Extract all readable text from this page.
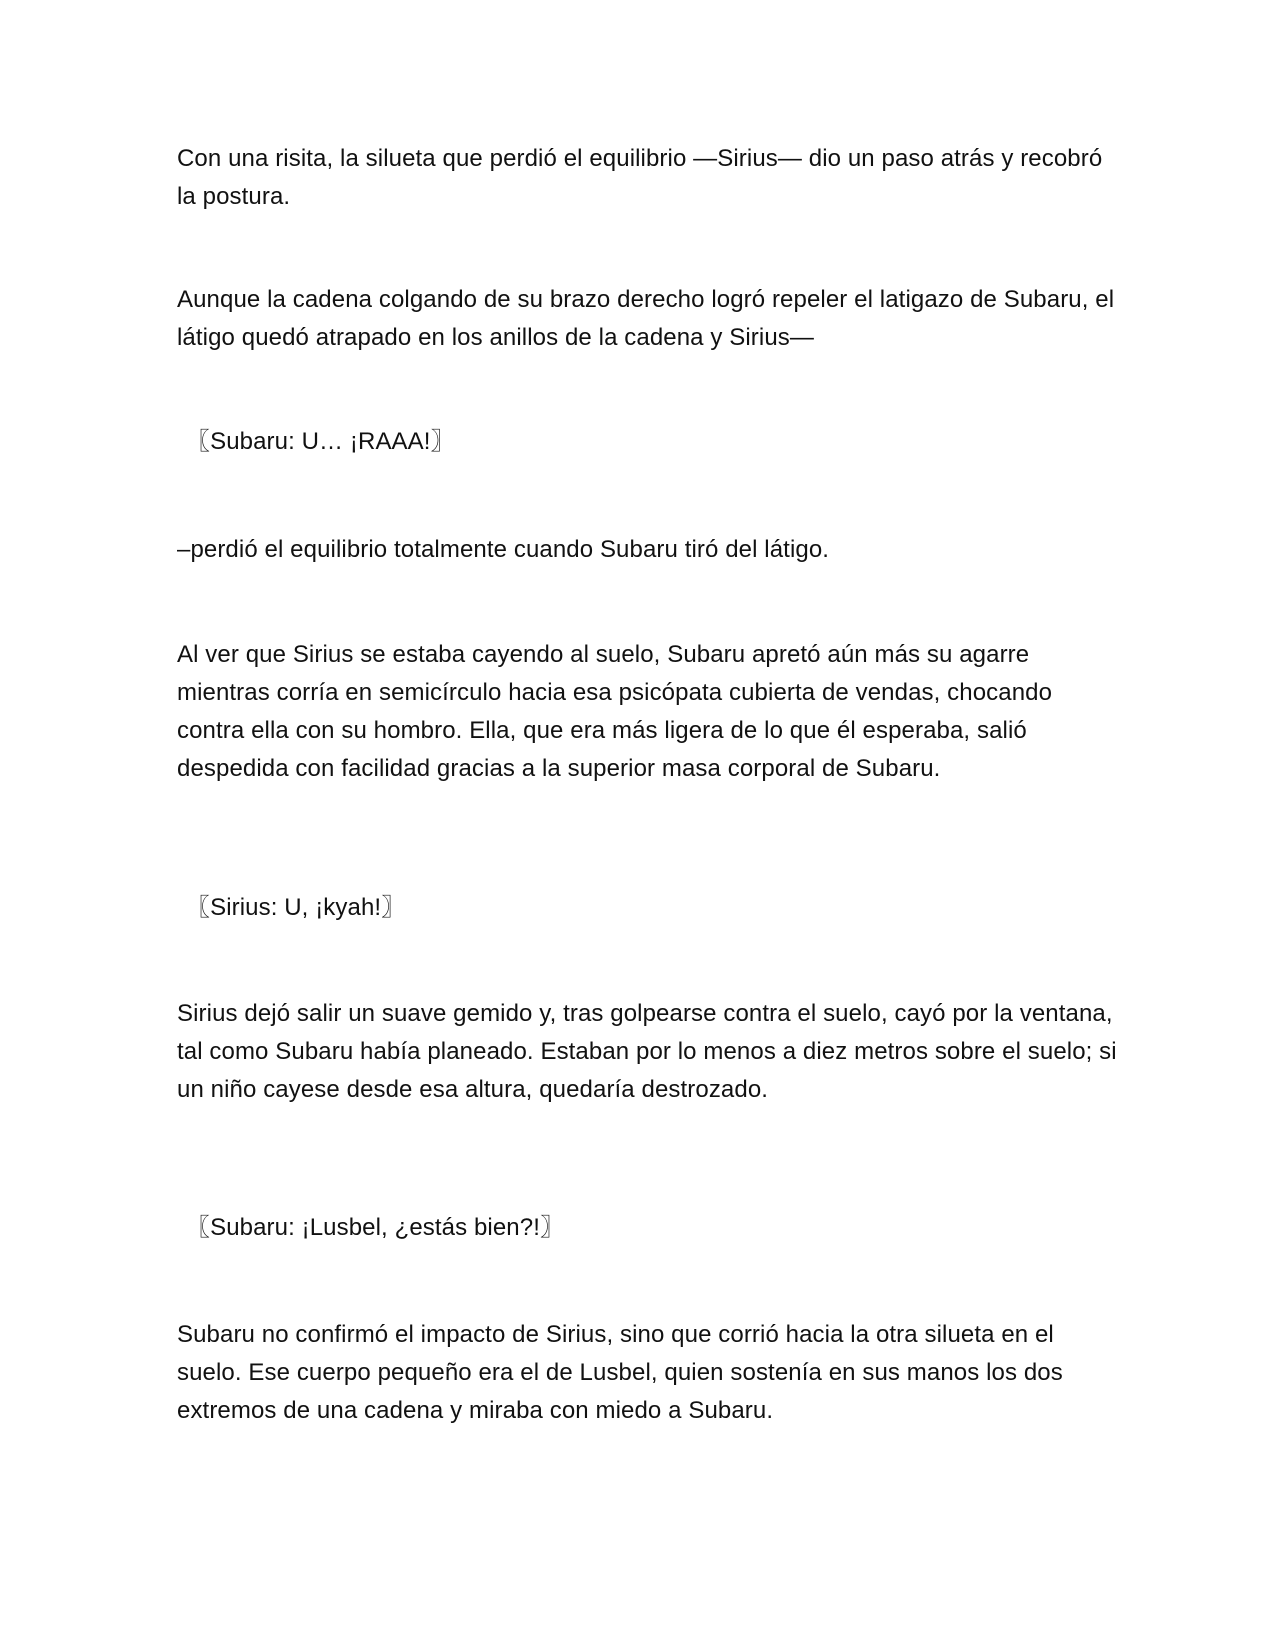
Con una risita, la silueta que perdió el equilibrio —Sirius— dio un paso atrás y recobró la postura.

Aunque la cadena colgando de su brazo derecho logró repeler el latigazo de Subaru, el látigo quedó atrapado en los anillos de la cadena y Sirius—

〖Subaru: U… ¡RAAA!〗

–perdió el equilibrio totalmente cuando Subaru tiró del látigo.

Al ver que Sirius se estaba cayendo al suelo, Subaru apretó aún más su agarre mientras corría en semicírculo hacia esa psicópata cubierta de vendas, chocando contra ella con su hombro. Ella, que era más ligera de lo que él esperaba, salió despedida con facilidad gracias a la superior masa corporal de Subaru.

〖Sirius: U, ¡kyah!〗

Sirius dejó salir un suave gemido y, tras golpearse contra el suelo, cayó por la ventana, tal como Subaru había planeado. Estaban por lo menos a diez metros sobre el suelo; si un niño cayese desde esa altura, quedaría destrozado.

〖Subaru: ¡Lusbel, ¿estás bien?!〗

Subaru no confirmó el impacto de Sirius, sino que corrió hacia la otra silueta en el suelo. Ese cuerpo pequeño era el de Lusbel, quien sostenía en sus manos los dos extremos de una cadena y miraba con miedo a Subaru.
